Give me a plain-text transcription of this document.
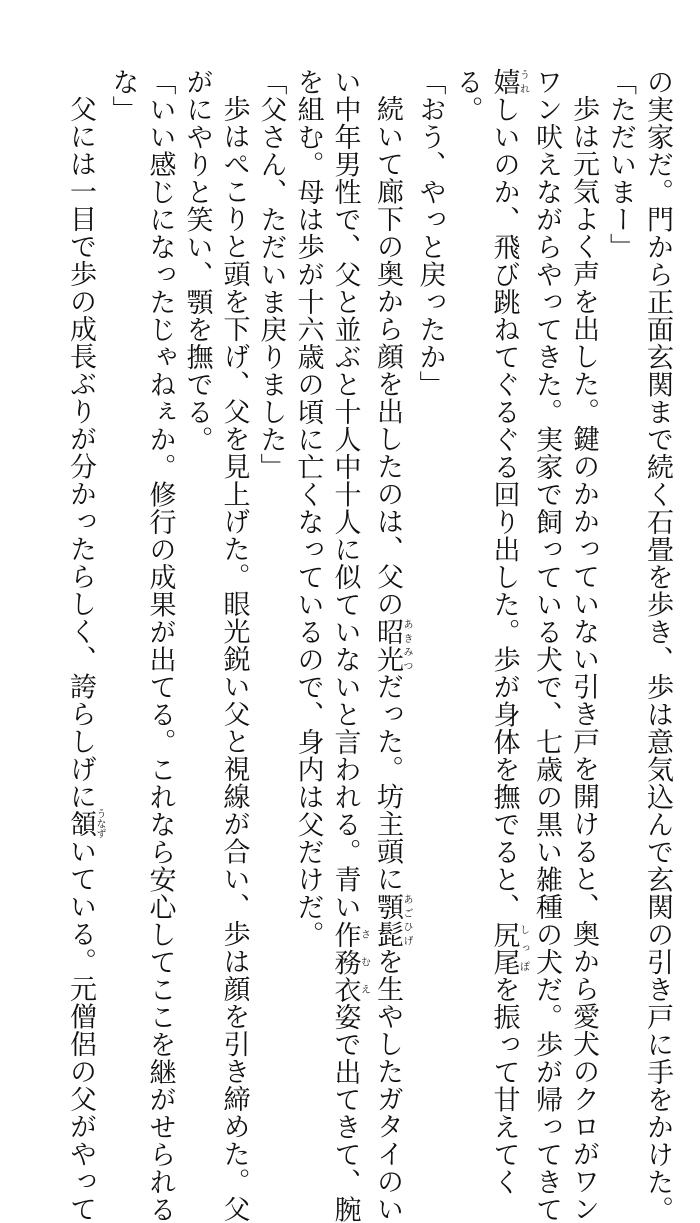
の実家だ。門から正面玄関まで続く石畳を歩き、歩は意気込んで玄関の引き戸に手をかけた。
「ただいまー」
歩は元気よく声を出した。鍵のかかっていない引き戸を開けると、奥から愛犬のクロがワン
ワン吠えながらやってきた。実家で飼っている犬で、七歳の黒い雑種の犬だ。歩が帰ってきて
嬉うれしいのか、飛び跳ねてぐるぐる回り出した。歩が身体を撫でると、尻尾しっぽを振って甘えてく
る。
「おう、やっと戻ったか」
続いて廊下の奥から顔を出したのは、父の昭光あきみつだった。坊主頭に顎髭あごひげを生やしたガタイのい
い中年男性で、父と並ぶと十人中十人に似ていないと言われる。青い作務衣さむえ姿で出てきて、腕
を組む。母は歩が十六歳の頃に亡くなっているので、身内は父だけだ。
「父さん、ただいま戻りました」
歩はぺこりと頭を下げ、父を見上げた。眼光鋭い父と視線が合い、歩は顔を引き締めた。父
がにやりと笑い、顎を撫でる。
「いい感じになったじゃねぇか。修行の成果が出てる。これなら安心してここを継がせられる
な」
父には一目で歩の成長ぶりが分かったらしく、誇らしげに頷うなずいている。元僧侶の父がやって
